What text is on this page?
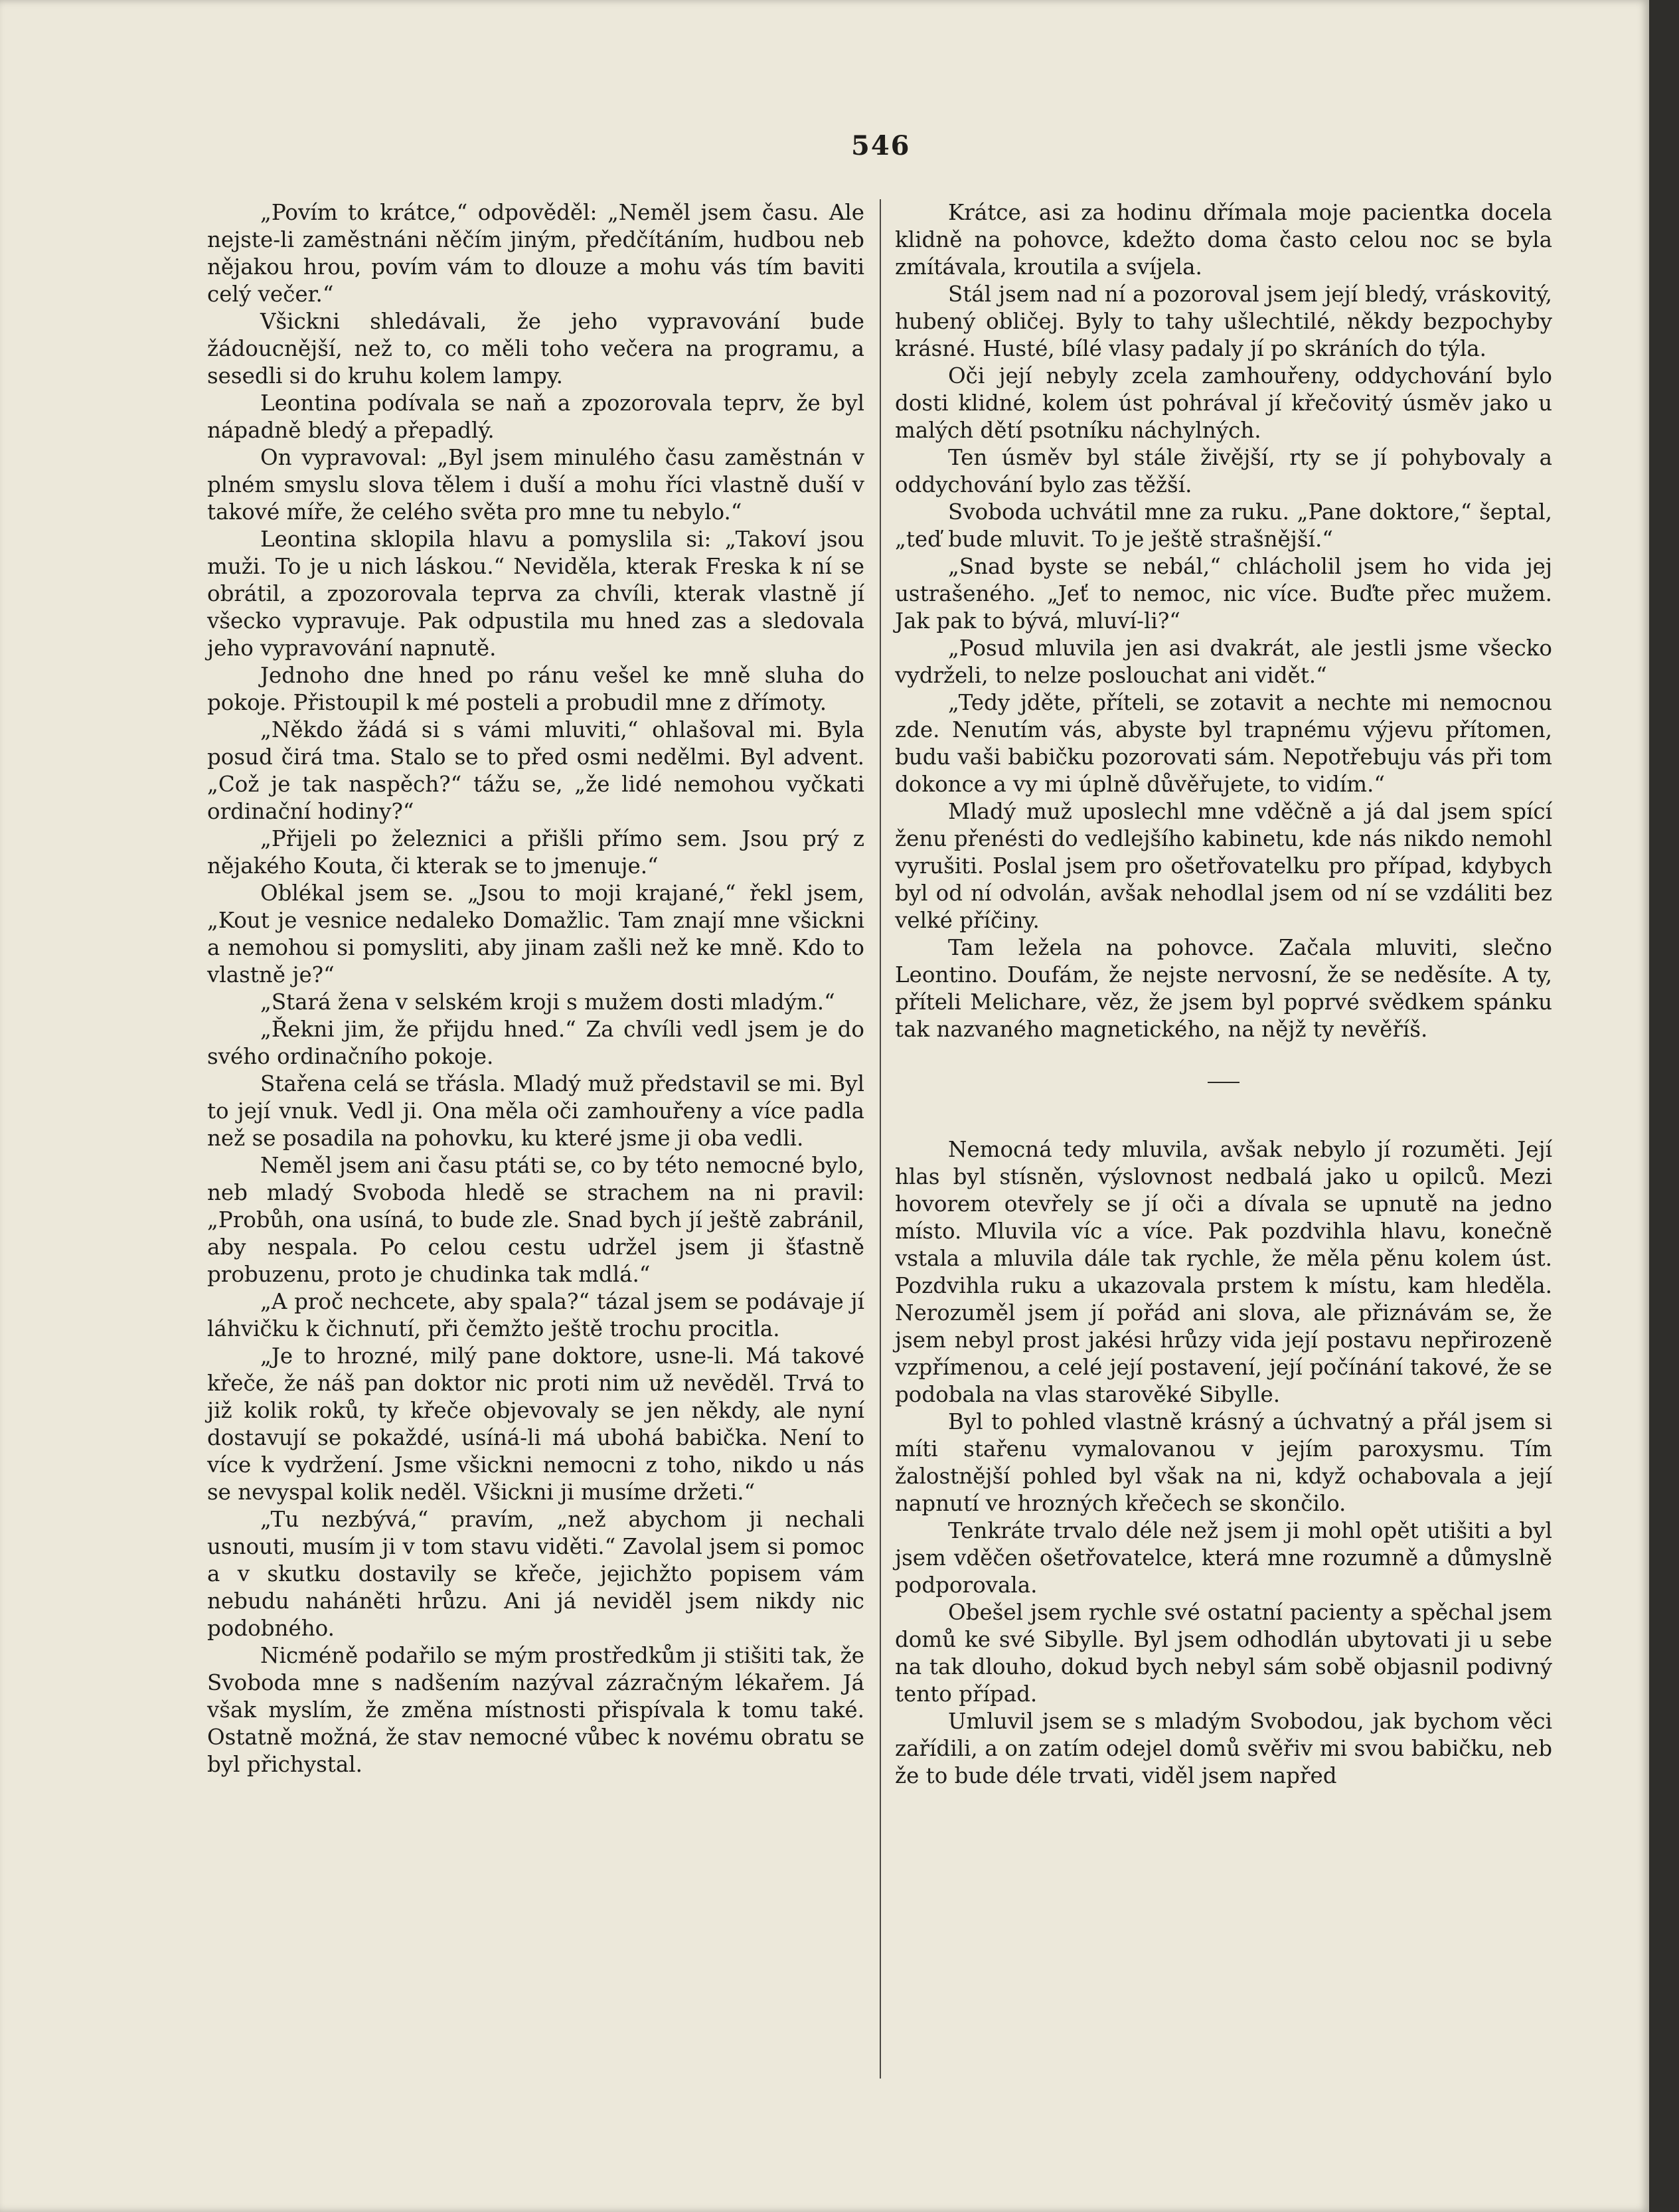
546

„Povím to krátce,“ odpověděl: „Neměl jsem času. Ale nejste-li zaměstnáni něčím jiným, předčítáním, hudbou neb nějakou hrou, povím vám to dlouze a mohu vás tím baviti celý večer.“

Všickni shledávali, že jeho vypravování bude žádoucnější, než to, co měli toho večera na programu, a sesedli si do kruhu kolem lampy.

Leontina podívala se naň a zpozorovala teprv, že byl nápadně bledý a přepadlý.

On vypravoval: „Byl jsem minulého času zaměstnán v plném smyslu slova tělem i duší a mohu říci vlastně duší v takové míře, že celého světa pro mne tu nebylo.“

Leontina sklopila hlavu a pomyslila si: „Takoví jsou muži. To je u nich láskou.“ Neviděla, kterak Freska k ní se obrátil, a zpozorovala teprva za chvíli, kterak vlastně jí všecko vypravuje. Pak odpustila mu hned zas a sledovala jeho vypravování napnutě.

Jednoho dne hned po ránu vešel ke mně sluha do pokoje. Přistoupil k mé posteli a probudil mne z dřímoty.

„Někdo žádá si s vámi mluviti,“ ohlašoval mi. Byla posud čirá tma. Stalo se to před osmi nedělmi. Byl advent. „Což je tak naspěch?“ tážu se, „že lidé nemohou vyčkati ordinační hodiny?“

„Přijeli po železnici a přišli přímo sem. Jsou prý z nějakého Kouta, či kterak se to jmenuje.“

Oblékal jsem se. „Jsou to moji krajané,“ řekl jsem, „Kout je vesnice nedaleko Domažlic. Tam znají mne všickni a nemohou si pomysliti, aby jinam zašli než ke mně. Kdo to vlastně je?“

„Stará žena v selském kroji s mužem dosti mladým.“

„Řekni jim, že přijdu hned.“ Za chvíli vedl jsem je do svého ordinačního pokoje.

Stařena celá se třásla. Mladý muž představil se mi. Byl to její vnuk. Vedl ji. Ona měla oči zamhouřeny a více padla než se posadila na pohovku, ku které jsme ji oba vedli.

Neměl jsem ani času ptáti se, co by této nemocné bylo, neb mladý Svoboda hledě se strachem na ni pravil: „Probůh, ona usíná, to bude zle. Snad bych jí ještě zabránil, aby nespala. Po celou cestu udržel jsem ji šťastně probuzenu, proto je chudinka tak mdlá.“

„A proč nechcete, aby spala?“ tázal jsem se podávaje jí láhvičku k čichnutí, při čemžto ještě trochu procitla.

„Je to hrozné, milý pane doktore, usne-li. Má takové křeče, že náš pan doktor nic proti nim už nevěděl. Trvá to již kolik roků, ty křeče objevovaly se jen někdy, ale nyní dostavují se pokaždé, usíná-li má ubohá babička. Není to více k vydržení. Jsme všickni nemocni z toho, nikdo u nás se nevyspal kolik neděl. Všickni ji musíme držeti.“

„Tu nezbývá,“ pravím, „než abychom ji nechali usnouti, musím ji v tom stavu viděti.“ Zavolal jsem si pomoc a v skutku dostavily se křeče, jejichžto popisem vám nebudu naháněti hrůzu. Ani já neviděl jsem nikdy nic podobného.

Nicméně podařilo se mým prostředkům ji stišiti tak, že Svoboda mne s nadšením nazýval zázračným lékařem. Já však myslím, že změna místnosti přispívala k tomu také. Ostatně možná, že stav nemocné vůbec k novému obratu se byl přichystal.

Krátce, asi za hodinu dřímala moje pacientka docela klidně na pohovce, kdežto doma často celou noc se byla zmítávala, kroutila a svíjela.

Stál jsem nad ní a pozoroval jsem její bledý, vráskovitý, hubený obličej. Byly to tahy ušlechtilé, někdy bezpochyby krásné. Husté, bílé vlasy padaly jí po skráních do týla.

Oči její nebyly zcela zamhouřeny, oddychování bylo dosti klidné, kolem úst pohrával jí křečovitý úsměv jako u malých dětí psotníku náchylných.

Ten úsměv byl stále živější, rty se jí pohybovaly a oddychování bylo zas těžší.

Svoboda uchvátil mne za ruku. „Pane doktore,“ šeptal, „teď bude mluvit. To je ještě strašnější.“

„Snad byste se nebál,“ chlácholil jsem ho vida jej ustrašeného. „Jeť to nemoc, nic více. Buďte přec mužem. Jak pak to bývá, mluví-li?“

„Posud mluvila jen asi dvakrát, ale jestli jsme všecko vydrželi, to nelze poslouchat ani vidět.“

„Tedy jděte, příteli, se zotavit a nechte mi nemocnou zde. Nenutím vás, abyste byl trapnému výjevu přítomen, budu vaši babičku pozorovati sám. Nepotřebuju vás při tom dokonce a vy mi úplně důvěřujete, to vidím.“

Mladý muž uposlechl mne vděčně a já dal jsem spící ženu přenésti do vedlejšího kabinetu, kde nás nikdo nemohl vyrušiti. Poslal jsem pro ošetřovatelku pro případ, kdybych byl od ní odvolán, avšak nehodlal jsem od ní se vzdáliti bez velké příčiny.

Tam ležela na pohovce. Začala mluviti, slečno Leontino. Doufám, že nejste nervosní, že se neděsíte. A ty, příteli Melichare, věz, že jsem byl poprvé svědkem spánku tak nazvaného magnetického, na nějž ty nevěříš.

Nemocná tedy mluvila, avšak nebylo jí rozuměti. Její hlas byl stísněn, výslovnost nedbalá jako u opilců. Mezi hovorem otevřely se jí oči a dívala se upnutě na jedno místo. Mluvila víc a více. Pak pozdvihla hlavu, konečně vstala a mluvila dále tak rychle, že měla pěnu kolem úst. Pozdvihla ruku a ukazovala prstem k místu, kam hleděla. Nerozuměl jsem jí pořád ani slova, ale přiznávám se, že jsem nebyl prost jakési hrůzy vida její postavu nepřirozeně vzpřímenou, a celé její postavení, její počínání takové, že se podobala na vlas starověké Sibylle.

Byl to pohled vlastně krásný a úchvatný a přál jsem si míti stařenu vymalovanou v jejím paroxysmu. Tím žalostnější pohled byl však na ni, když ochabovala a její napnutí ve hrozných křečech se skončilo.

Tenkráte trvalo déle než jsem ji mohl opět utišiti a byl jsem vděčen ošetřovatelce, která mne rozumně a důmyslně podporovala.

Obešel jsem rychle své ostatní pacienty a spěchal jsem domů ke své Sibylle. Byl jsem odhodlán ubytovati ji u sebe na tak dlouho, dokud bych nebyl sám sobě objasnil podivný tento případ.

Umluvil jsem se s mladým Svobodou, jak bychom věci zařídili, a on zatím odejel domů svěřiv mi svou babičku, neb že to bude déle trvati, viděl jsem napřed
